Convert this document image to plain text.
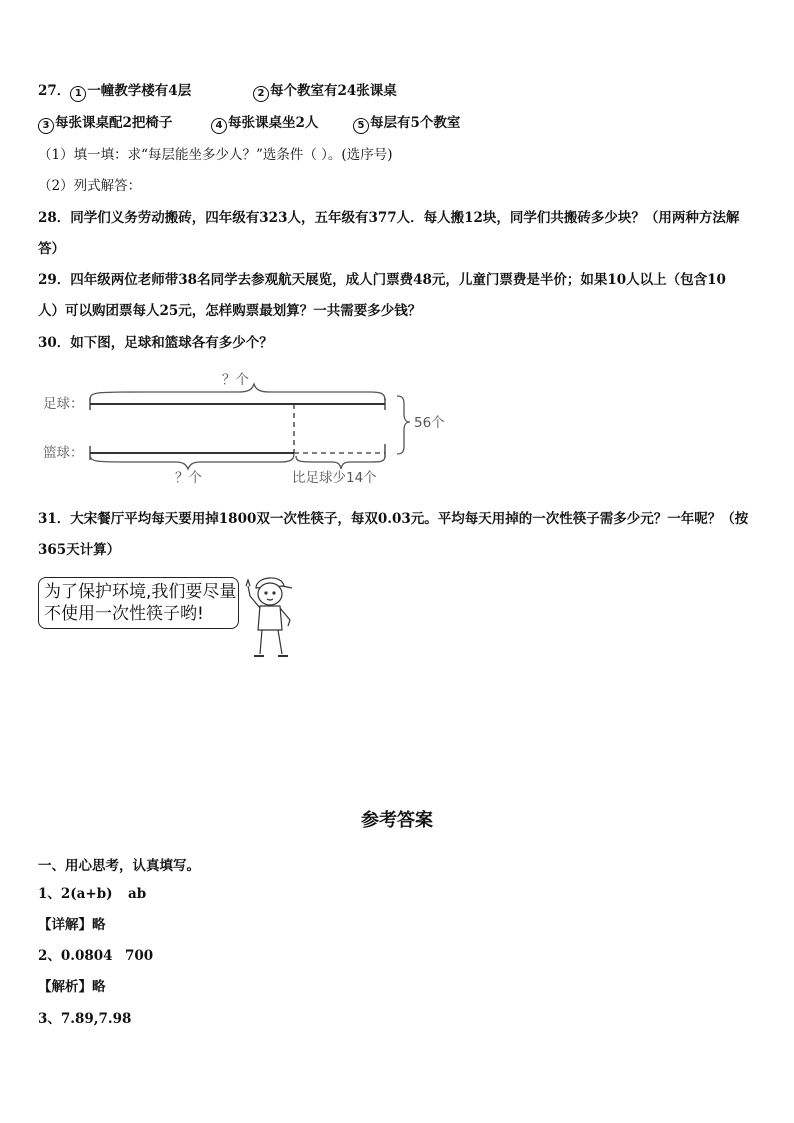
27． 1 一幢教学楼有4层	2 每个教室有24张课桌
3 每张课桌配2把椅子	4 每张课桌坐2人	5 每层有5个教室
（1）填一填：求“每层能坐多少人？”选条件（ ）。(选序号)
（2）列式解答：
28．同学们义务劳动搬砖，四年级有323人，五年级有377人．每人搬12块，同学们共搬砖多少块？（用两种方法解
答）
29．四年级两位老师带38名同学去参观航天展览，成人门票费48元，儿童门票费是半价；如果10人以上（包含10
人）可以购团票每人25元，怎样购票最划算？一共需要多少钱？
30．如下图，足球和篮球各有多少个？
足球：
篮球：
？个
？个	比足球少14个
56个
31．大宋餐厅平均每天要用掉1800双一次性筷子，每双0.03元。平均每天用掉的一次性筷子需多少元？一年呢？（按
365天计算）
为了保护环境,我们要尽量
不使用一次性筷子哟!
参考答案
一、用心思考，认真填写。
1、2(a+b) ab
【详解】略
2、0.0804 700
【解析】略
3、7.89,7.98
